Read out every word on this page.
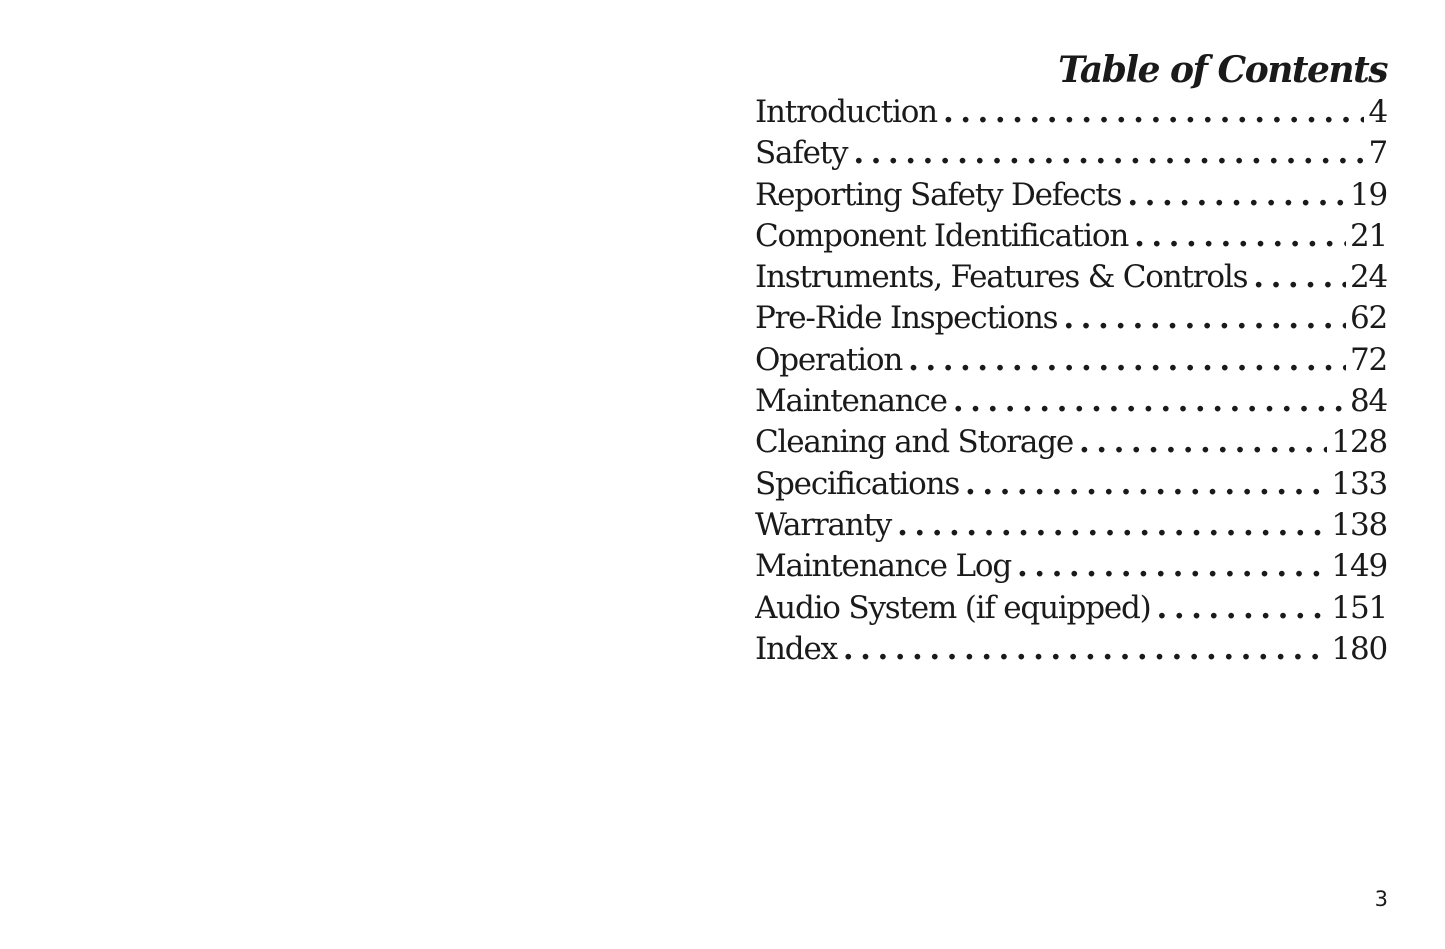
Table of Contents
Introduction .....	4
Safety .....	7
Reporting Safety Defects .....	19
Component Identification .....	21
Instruments, Features & Controls .....	24
Pre-Ride Inspections .....	62
Operation .....	72
Maintenance .....	84
Cleaning and Storage .....	128
Specifications .....	133
Warranty .....	138
Maintenance Log .....	149
Audio System (if equipped) .....	151
Index .....	180
3
